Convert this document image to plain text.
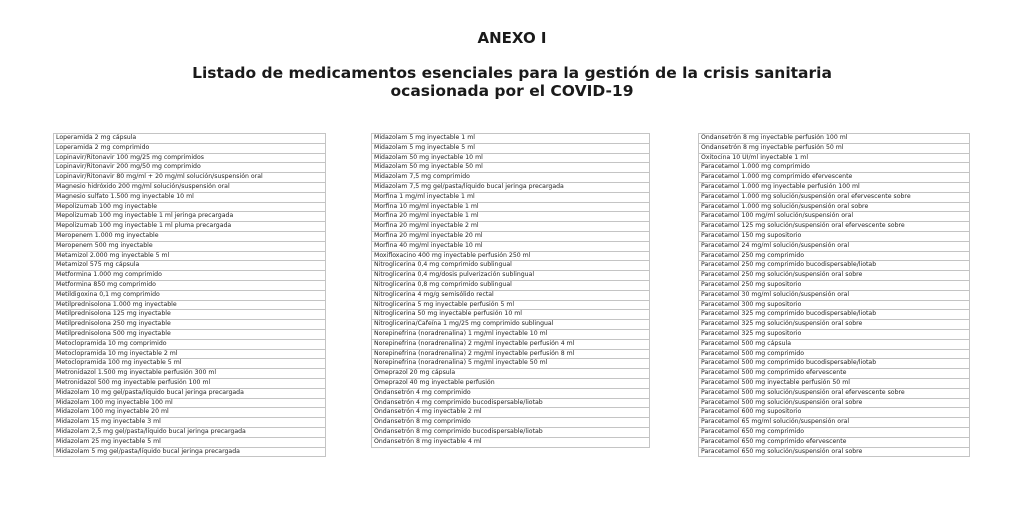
ANEXO I
Listado de medicamentos esenciales para la gestión de la crisis sanitaria
ocasionada por el COVID-19
Loperamida 2 mg cápsula
Loperamida 2 mg comprimido
Lopinavir/Ritonavir 100 mg/25 mg comprimidos
Lopinavir/Ritonavir 200 mg/50 mg comprimido
Lopinavir/Ritonavir 80 mg/ml + 20 mg/ml solución/suspensión oral
Magnesio hidróxido 200 mg/ml solución/suspensión oral
Magnesio sulfato 1.500 mg inyectable 10 ml
Mepolizumab 100 mg inyectable
Mepolizumab 100 mg inyectable 1 ml jeringa precargada
Mepolizumab 100 mg inyectable 1 ml pluma precargada
Meropenem 1.000 mg inyectable
Meropenem 500 mg inyectable
Metamizol 2.000 mg inyectable 5 ml
Metamizol 575 mg cápsula
Metformina 1.000 mg comprimido
Metformina 850 mg comprimido
Metildigoxina 0,1 mg comprimido
Metilprednisolona 1.000 mg inyectable
Metilprednisolona 125 mg inyectable
Metilprednisolona 250 mg inyectable
Metilprednisolona 500 mg inyectable
Metoclopramida 10 mg comprimido
Metoclopramida 10 mg inyectable 2 ml
Metoclopramida 100 mg inyectable 5 ml
Metronidazol 1.500 mg inyectable perfusión 300 ml
Metronidazol 500 mg inyectable perfusión 100 ml
Midazolam 10 mg gel/pasta/líquido bucal jeringa precargada
Midazolam 100 mg inyectable 100 ml
Midazolam 100 mg inyectable 20 ml
Midazolam 15 mg inyectable 3 ml
Midazolam 2,5 mg gel/pasta/líquido bucal jeringa precargada
Midazolam 25 mg inyectable 5 ml
Midazolam 5 mg gel/pasta/líquido bucal jeringa precargada
Midazolam 5 mg inyectable 1 ml
Midazolam 5 mg inyectable 5 ml
Midazolam 50 mg inyectable 10 ml
Midazolam 50 mg inyectable 50 ml
Midazolam 7,5 mg comprimido
Midazolam 7,5 mg gel/pasta/líquido bucal jeringa precargada
Morfina 1 mg/ml inyectable 1 ml
Morfina 10 mg/ml inyectable 1 ml
Morfina 20 mg/ml inyectable 1 ml
Morfina 20 mg/ml inyectable 2 ml
Morfina 20 mg/ml inyectable 20 ml
Morfina 40 mg/ml inyectable 10 ml
Moxifloxacino 400 mg inyectable perfusión 250 ml
Nitroglicerina 0,4 mg comprimido sublingual
Nitroglicerina 0,4 mg/dosis pulverización sublingual
Nitroglicerina 0,8 mg comprimido sublingual
Nitroglicerina 4 mg/g semisólido rectal
Nitroglicerina 5 mg inyectable perfusión 5 ml
Nitroglicerina 50 mg inyectable perfusión 10 ml
Nitroglicerina/Cafeína 1 mg/25 mg comprimido sublingual
Norepinefrina (noradrenalina) 1 mg/ml inyectable 10 ml
Norepinefrina (noradrenalina) 2 mg/ml inyectable perfusión 4 ml
Norepinefrina (noradrenalina) 2 mg/ml inyectable perfusión 8 ml
Norepinefrina (noradrenalina) 5 mg/ml inyectable 50 ml
Omeprazol 20 mg cápsula
Omeprazol 40 mg inyectable perfusión
Ondansetrón 4 mg comprimido
Ondansetrón 4 mg comprimido bucodispersable/liotab
Ondansetrón 4 mg inyectable 2 ml
Ondansetrón 8 mg comprimido
Ondansetrón 8 mg comprimido bucodispersable/liotab
Ondansetrón 8 mg inyectable 4 ml
Ondansetrón 8 mg inyectable perfusión 100 ml
Ondansetrón 8 mg inyectable perfusión 50 ml
Oxitocina 10 UI/ml inyectable 1 ml
Paracetamol 1.000 mg comprimido
Paracetamol 1.000 mg comprimido efervescente
Paracetamol 1.000 mg inyectable perfusión 100 ml
Paracetamol 1.000 mg solución/suspensión oral efervescente sobre
Paracetamol 1.000 mg solución/suspensión oral sobre
Paracetamol 100 mg/ml solución/suspensión oral
Paracetamol 125 mg solución/suspensión oral efervescente sobre
Paracetamol 150 mg supositorio
Paracetamol 24 mg/ml solución/suspensión oral
Paracetamol 250 mg comprimido
Paracetamol 250 mg comprimido bucodispersable/liotab
Paracetamol 250 mg solución/suspensión oral sobre
Paracetamol 250 mg supositorio
Paracetamol 30 mg/ml solución/suspensión oral
Paracetamol 300 mg supositorio
Paracetamol 325 mg comprimido bucodispersable/liotab
Paracetamol 325 mg solución/suspensión oral sobre
Paracetamol 325 mg supositorio
Paracetamol 500 mg cápsula
Paracetamol 500 mg comprimido
Paracetamol 500 mg comprimido bucodispersable/liotab
Paracetamol 500 mg comprimido efervescente
Paracetamol 500 mg inyectable perfusión 50 ml
Paracetamol 500 mg solución/suspensión oral efervescente sobre
Paracetamol 500 mg solución/suspensión oral sobre
Paracetamol 600 mg supositorio
Paracetamol 65 mg/ml solución/suspensión oral
Paracetamol 650 mg comprimido
Paracetamol 650 mg comprimido efervescente
Paracetamol 650 mg solución/suspensión oral sobre
